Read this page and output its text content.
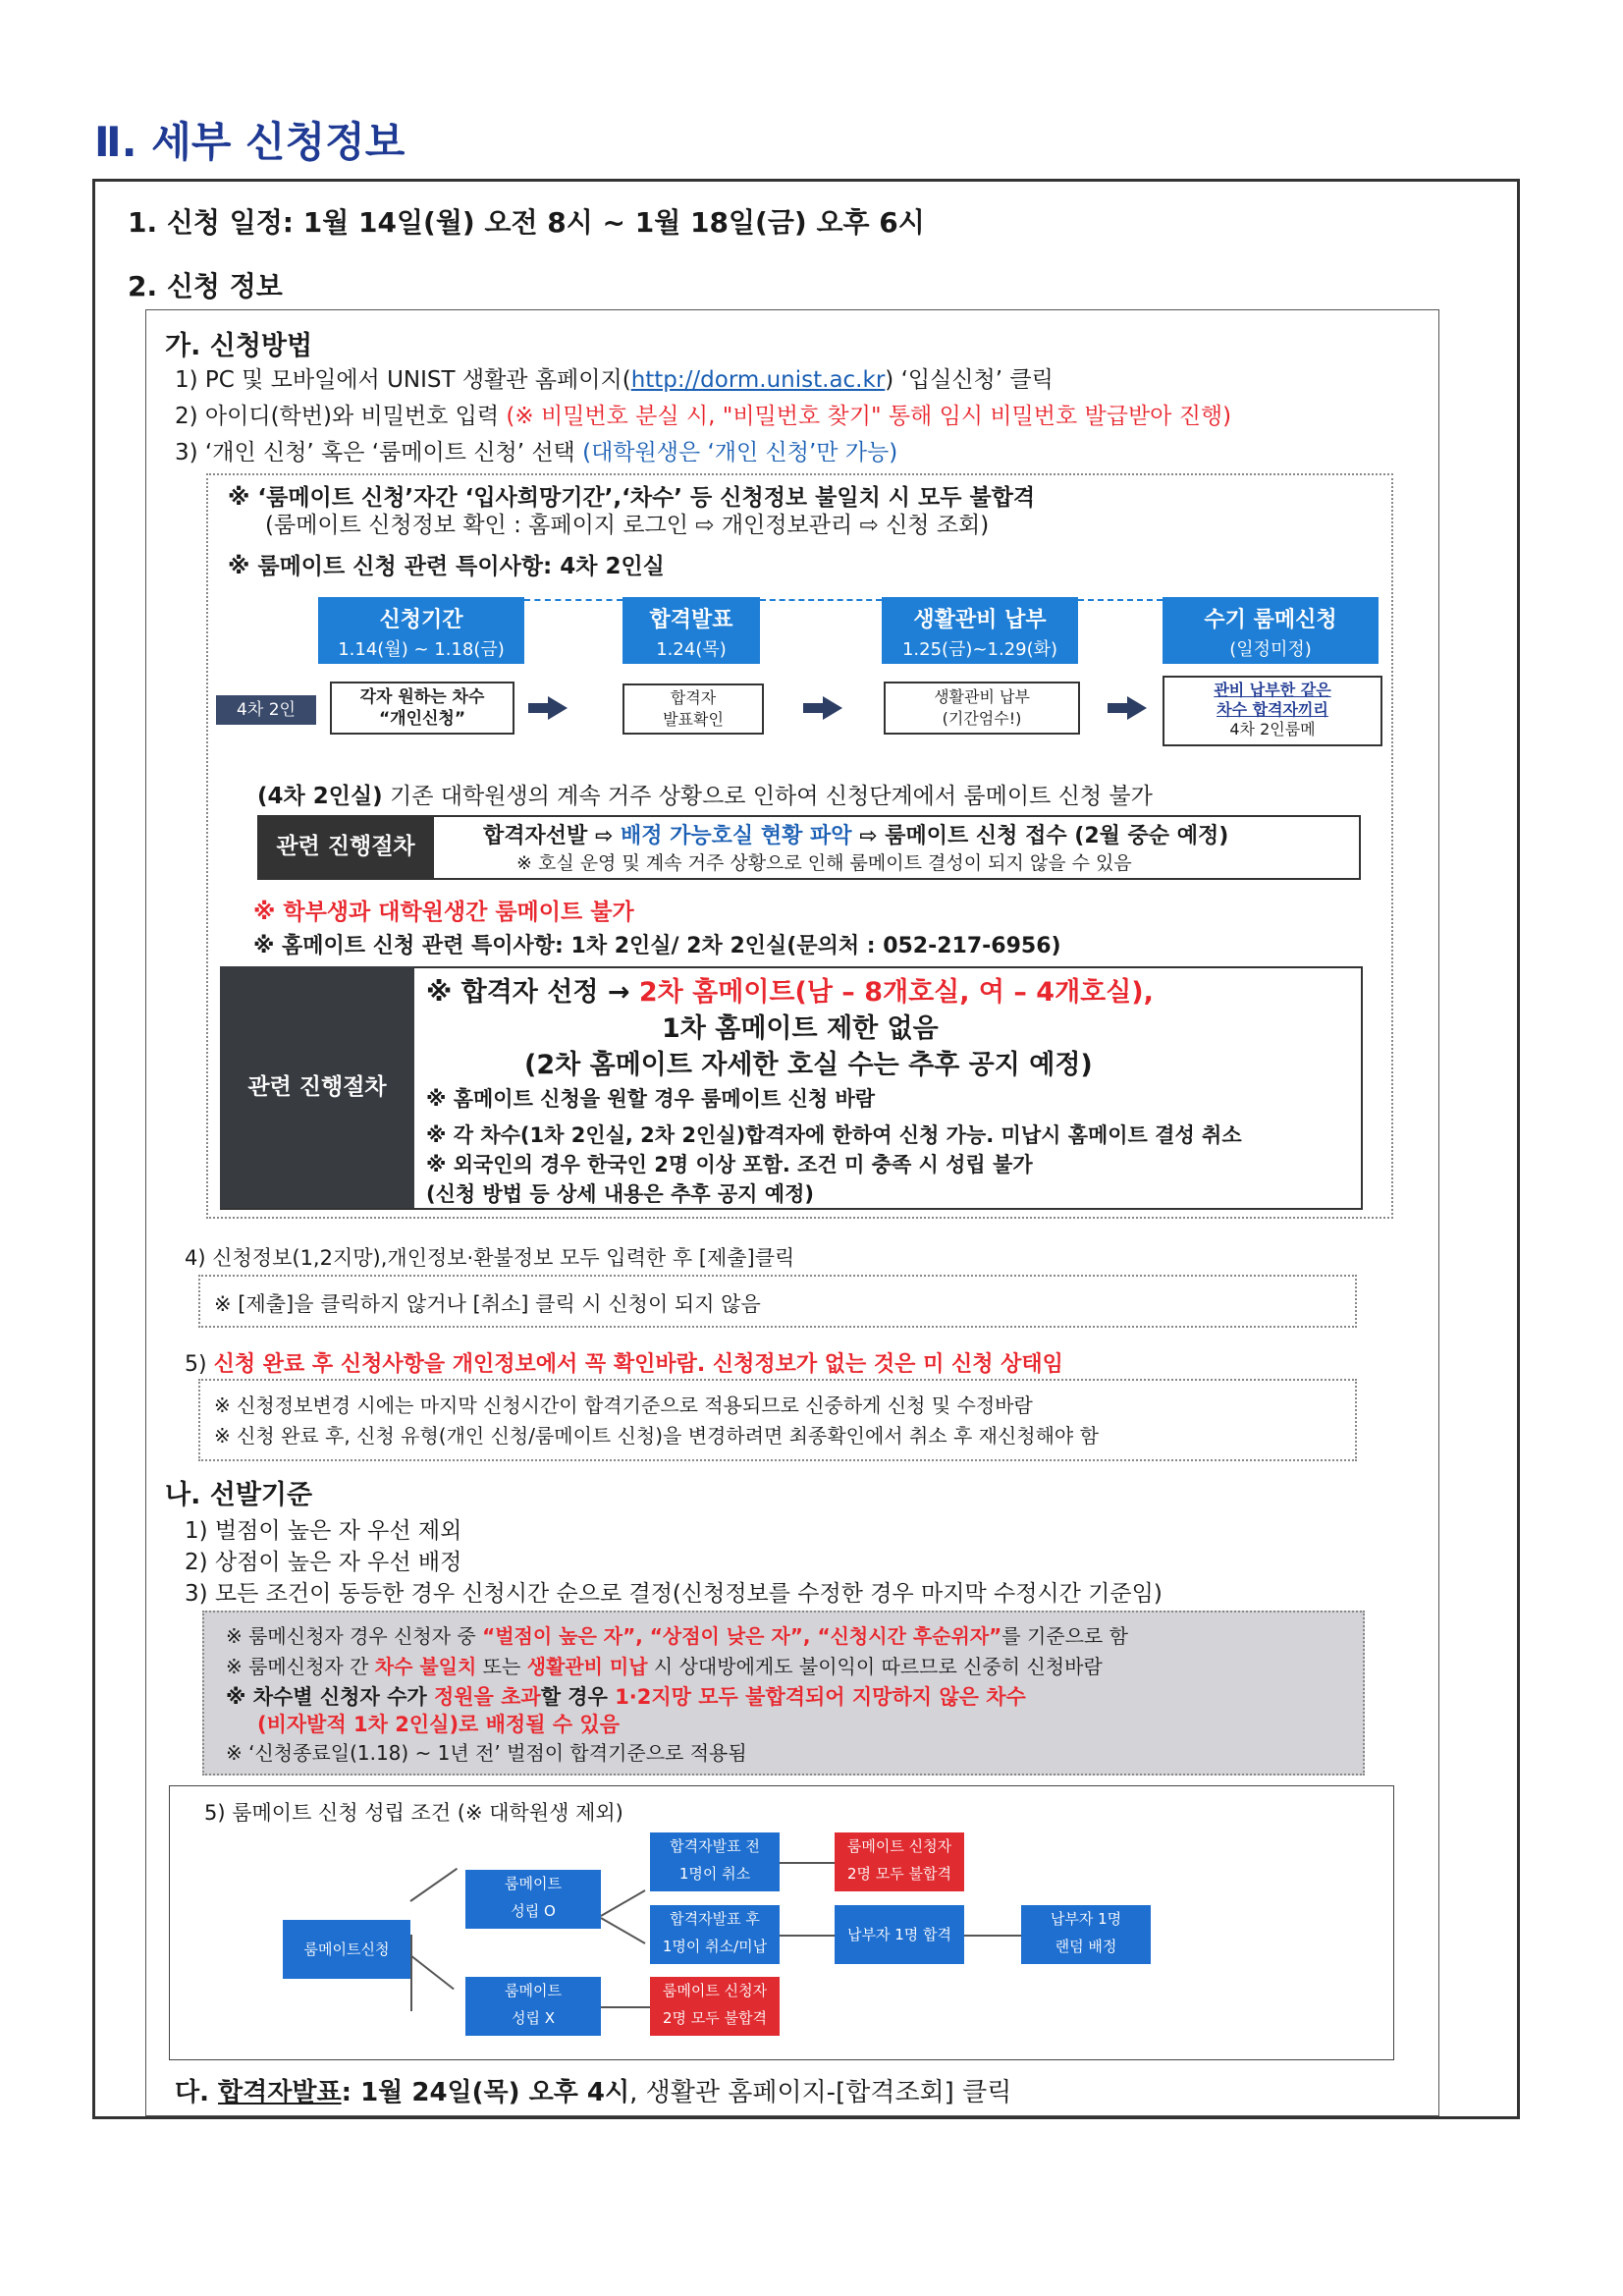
Ⅱ. 세부 신청정보
1. 신청 일정: 1월 14일(월) 오전 8시 ~ 1월 18일(금) 오후 6시
2. 신청 정보
가. 신청방법
1) PC 및 모바일에서 UNIST 생활관 홈페이지(http://dorm.unist.ac.kr) ‘입실신청’ 클릭
2) 아이디(학번)와 비밀번호 입력 (※ 비밀번호 분실 시, "비밀번호 찾기" 통해 임시 비밀번호 발급받아 진행)
3) ‘개인 신청’ 혹은 ‘룸메이트 신청’ 선택 (대학원생은 ‘개인 신청’만 가능)
※ ‘룸메이트 신청’자간 ‘입사희망기간’,‘차수’ 등 신청정보 불일치 시 모두 불합격
(룸메이트 신청정보 확인 : 홈페이지 로그인 ⇨ 개인정보관리 ⇨ 신청 조회)
※ 룸메이트 신청 관련 특이사항: 4차 2인실
신청기간
1.14(월) ~ 1.18(금)
합격발표
1.24(목)
생활관비 납부
1.25(금)~1.29(화)
수기 룸메신청
(일정미정)
4차 2인
각자 원하는 차수
“개인신청”
합격자
발표확인
생활관비 납부
(기간엄수!)
관비 납부한 같은
차수 합격자끼리
4차 2인룸메
(4차 2인실) 기존 대학원생의 계속 거주 상황으로 인하여 신청단계에서 룸메이트 신청 불가
관련 진행절차	합격자선발 ⇨ 배정 가능호실 현황 파악 ⇨ 룸메이트 신청 접수 (2월 중순 예정)
※ 호실 운영 및 계속 거주 상황으로 인해 룸메이트 결성이 되지 않을 수 있음
※ 학부생과 대학원생간 룸메이트 불가
※ 홈메이트 신청 관련 특이사항: 1차 2인실/ 2차 2인실(문의처 : 052-217-6956)
관련 진행절차
※ 합격자 선정 → 2차 홈메이트(남 – 8개호실, 여 – 4개호실),
1차 홈메이트 제한 없음
(2차 홈메이트 자세한 호실 수는 추후 공지 예정)
※ 홈메이트 신청을 원할 경우 룸메이트 신청 바람
※ 각 차수(1차 2인실, 2차 2인실)합격자에 한하여 신청 가능. 미납시 홈메이트 결성 취소
※ 외국인의 경우 한국인 2명 이상 포함. 조건 미 충족 시 성립 불가
(신청 방법 등 상세 내용은 추후 공지 예정)
4) 신청정보(1,2지망),개인정보·환불정보 모두 입력한 후 [제출]클릭
※ [제출]을 클릭하지 않거나 [취소] 클릭 시 신청이 되지 않음
5) 신청 완료 후 신청사항을 개인정보에서 꼭 확인바람. 신청정보가 없는 것은 미 신청 상태임
※ 신청정보변경 시에는 마지막 신청시간이 합격기준으로 적용되므로 신중하게 신청 및 수정바람
※ 신청 완료 후, 신청 유형(개인 신청/룸메이트 신청)을 변경하려면 최종확인에서 취소 후 재신청해야 함
나. 선발기준
1) 벌점이 높은 자 우선 제외
2) 상점이 높은 자 우선 배정
3) 모든 조건이 동등한 경우 신청시간 순으로 결정(신청정보를 수정한 경우 마지막 수정시간 기준임)
※ 룸메신청자 경우 신청자 중 “벌점이 높은 자”, “상점이 낮은 자”, “신청시간 후순위자”를 기준으로 함
※ 룸메신청자 간 차수 불일치 또는 생활관비 미납 시 상대방에게도 불이익이 따르므로 신중히 신청바람
※ 차수별 신청자 수가 정원을 초과할 경우 1·2지망 모두 불합격되어 지망하지 않은 차수
(비자발적 1차 2인실)로 배정될 수 있음
※ ‘신청종료일(1.18) ~ 1년 전’ 벌점이 합격기준으로 적용됨
5) 룸메이트 신청 성립 조건 (※ 대학원생 제외)
룸메이트신청
룸메이트
성립 O
룸메이트
성립 X
합격자발표 전
1명이 취소
합격자발표 후
1명이 취소/미납
룸메이트 신청자
2명 모두 불합격
납부자 1명 합격
납부자 1명
랜덤 배정
룸메이트 신청자
2명 모두 불합격
다. 합격자발표: 1월 24일(목) 오후 4시, 생활관 홈페이지-[합격조회] 클릭
